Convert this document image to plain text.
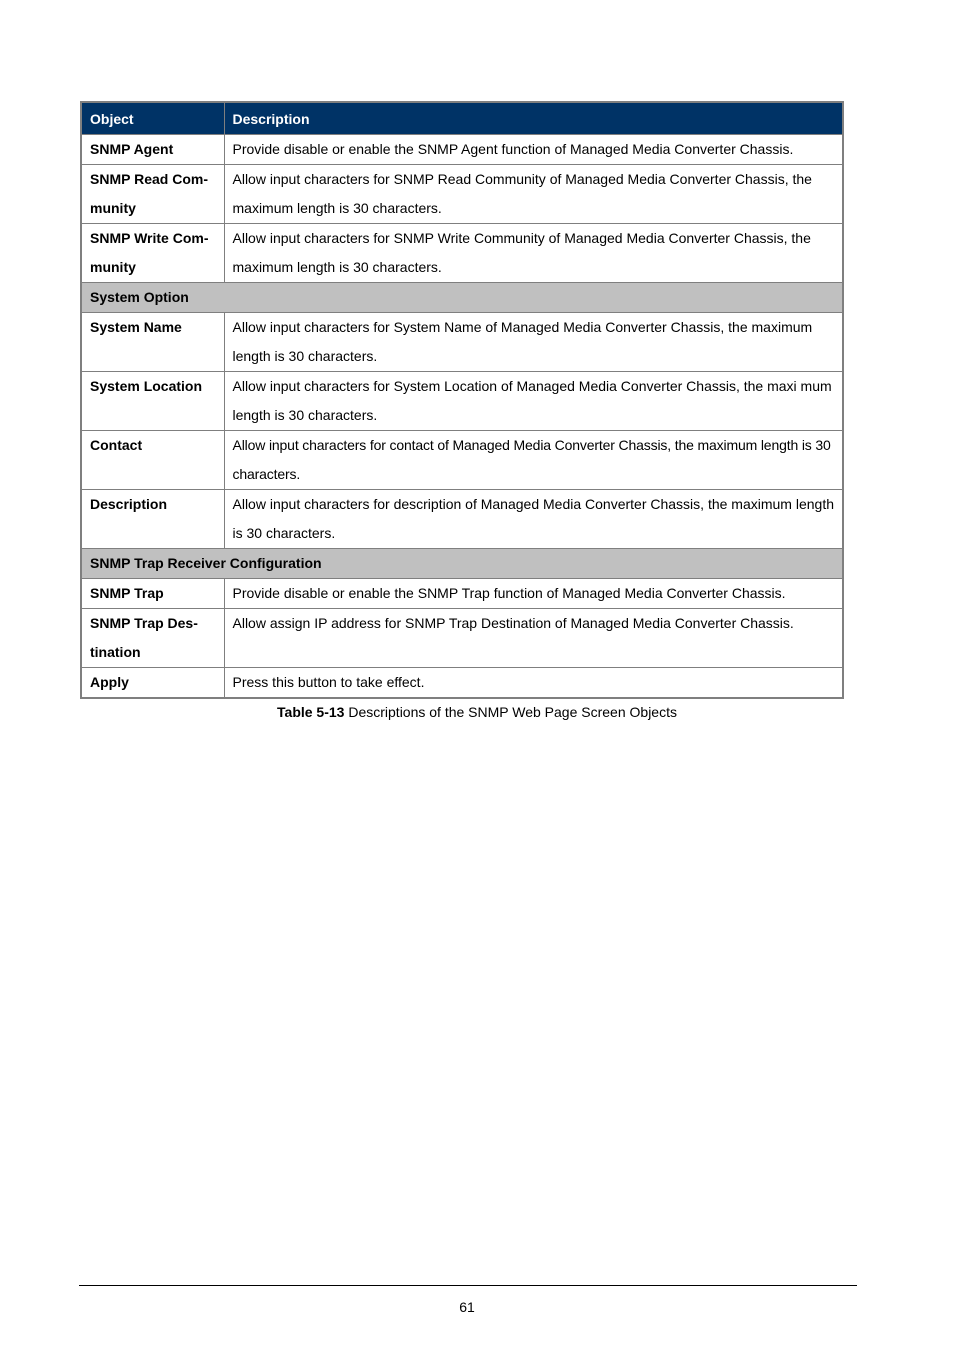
Object	Description
SNMP Agent	Provide disable or enable the SNMP Agent function of Managed Media Converter Chassis.
SNMP Read Com-
munity	Allow input characters for SNMP Read Community of Managed Media Converter Chassis, the maximum length is 30 characters.
SNMP Write Com-
munity	Allow input characters for SNMP Write Community of Managed Media Converter Chassis, the maximum length is 30 characters.
System Option	
System Name	Allow input characters for System Name of Managed Media Converter Chassis, the maximum length is 30 characters.
System Location	Allow input characters for System Location of Managed Media Converter Chassis, the maxi mum length is 30 characters.
Contact	Allow input characters for contact of Managed Media Converter Chassis, the maximum length is 30 characters.
Description	Allow input characters for description of Managed Media Converter Chassis, the maximum length is 30 characters.
SNMP Trap Receiver Configuration	
SNMP Trap	Provide disable or enable the SNMP Trap function of Managed Media Converter Chassis.
SNMP Trap Des-
tination	Allow assign IP address for SNMP Trap Destination of Managed Media Converter Chassis.
Apply	Press this button to take effect.
Table 5-13 Descriptions of the SNMP Web Page Screen Objects
61
